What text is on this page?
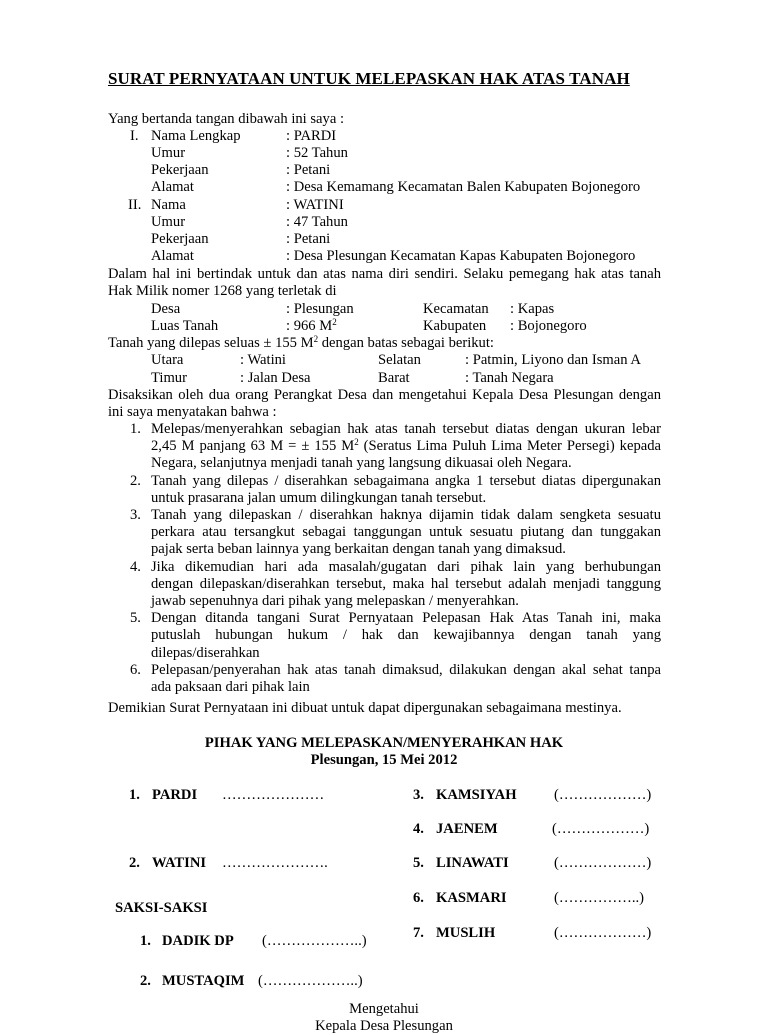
SURAT PERNYATAAN UNTUK MELEPASKAN HAK ATAS TANAH
Yang bertanda tangan dibawah ini saya :
I. Nama Lengkap	: PARDI
Umur	: 52 Tahun
Pekerjaan	: Petani
Alamat	: Desa Kemamang Kecamatan Balen Kabupaten Bojonegoro
II. Nama	: WATINI
Umur	: 47 Tahun
Pekerjaan	: Petani
Alamat	: Desa Plesungan Kecamatan Kapas Kabupaten Bojonegoro
Dalam hal ini bertindak untuk dan atas nama diri sendiri. Selaku pemegang hak atas tanah
Hak Milik nomer 1268 yang terletak di
Desa	: Plesungan	Kecamatan : Kapas
Luas Tanah	: 966 $M^2$	Kabupaten : Bojonegoro
Tanah yang dilepas seluas ± 155 $M^2$ dengan batas sebagai berikut:
Utara	: Watini	Selatan	: Patmin, Liyono dan Isman A
Timur	: Jalan Desa	Barat	: Tanah Negara
Disaksikan oleh dua orang Perangkat Desa dan mengetahui Kepala Desa Plesungan dengan
ini saya menyatakan bahwa :
1. Melepas/menyerahkan sebagian hak atas tanah tersebut diatas dengan ukuran lebar
2,45 M panjang 63 M = ± 155 $M^2$ (Seratus Lima Puluh Lima Meter Persegi) kepada
Negara, selanjutnya menjadi tanah yang langsung dikuasai oleh Negara.
2. Tanah yang dilepas / diserahkan sebagaimana angka 1 tersebut diatas dipergunakan
untuk prasarana jalan umum dilingkungan tanah tersebut.
3. Tanah yang dilepaskan / diserahkan haknya dijamin tidak dalam sengketa sesuatu
perkara atau tersangkut sebagai tanggungan untuk sesuatu piutang dan tunggakan
pajak serta beban lainnya yang berkaitan dengan tanah yang dimaksud.
4. Jika dikemudian hari ada masalah/gugatan dari pihak lain yang berhubungan
dengan dilepaskan/diserahkan tersebut, maka hal tersebut adalah menjadi tanggung
jawab sepenuhnya dari pihak yang melepaskan / menyerahkan.
5. Dengan ditanda tangani Surat Pernyataan Pelepasan Hak Atas Tanah ini, maka
putuslah hubungan hukum / hak dan kewajibannya dengan tanah yang
dilepas/diserahkan
6. Pelepasan/penyerahan hak atas tanah dimaksud, dilakukan dengan akal sehat tanpa
ada paksaan dari pihak lain
Demikian Surat Pernyataan ini dibuat untuk dapat dipergunakan sebagaimana mestinya.
PIHAK YANG MELEPASKAN/MENYERAHKAN HAK
Plesungan, 15 Mei 2012
1. PARDI …………………
2. WATINI ………………….
3. KAMSIYAH	(………………)
4. JAENEM	(………………)
5. LINAWATI	(………………)
6. KASMARI	(……………..)
7. MUSLIH	(………………)
SAKSI-SAKSI
1. DADIK DP (………………..)
2. MUSTAQIM (………………..)
Mengetahui
Kepala Desa Plesungan
